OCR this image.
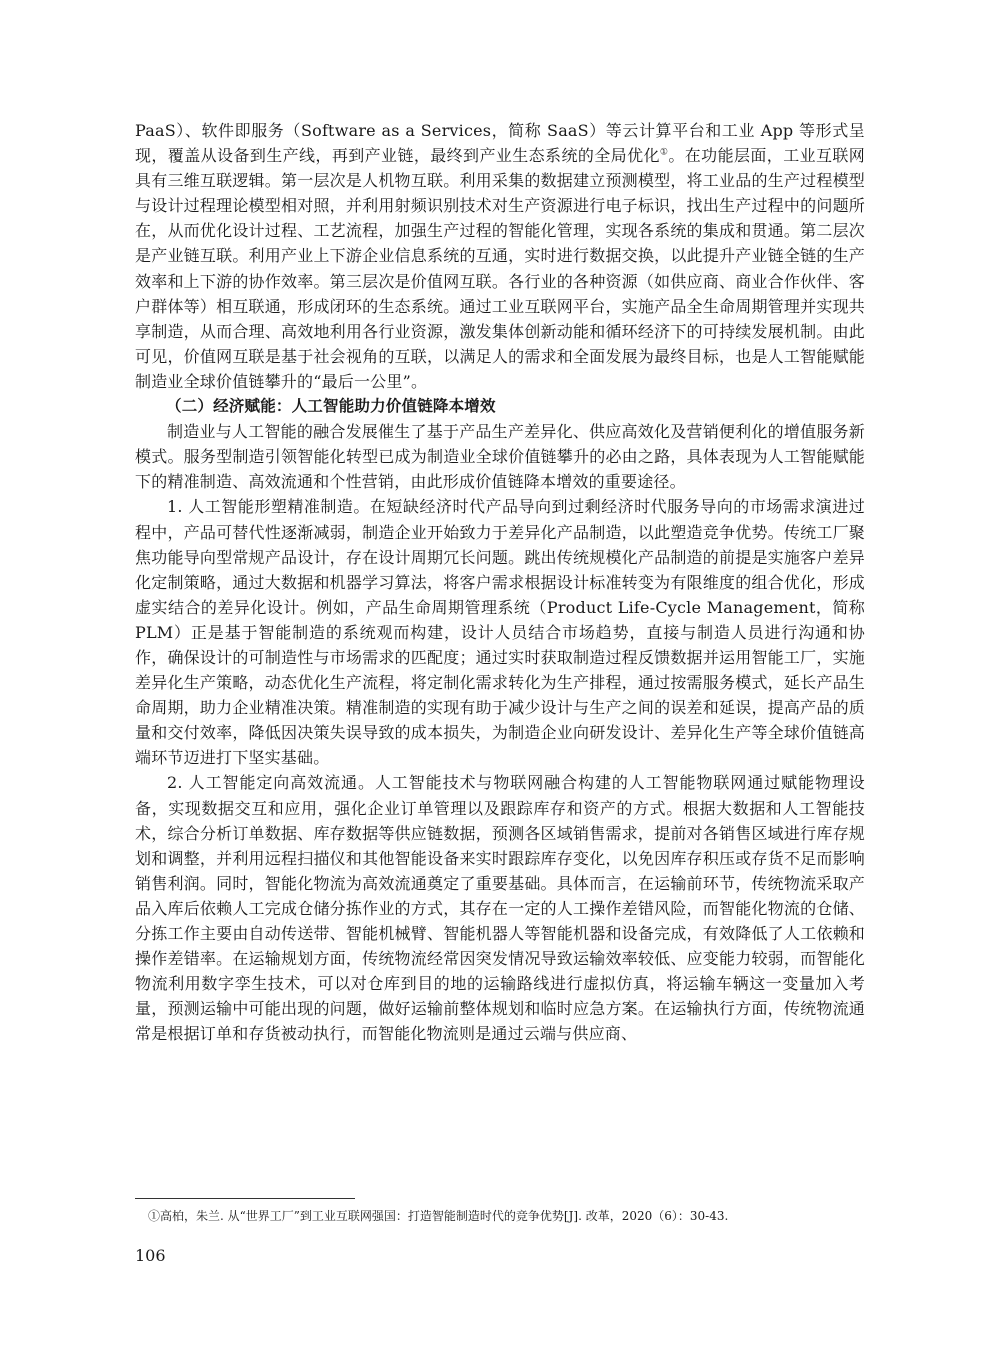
PaaS）、软件即服务（Software as a Services，简称 SaaS）等云计算平台和工业 App 等形式呈现，覆盖从设备到生产线，再到产业链，最终到产业生态系统的全局优化①。在功能层面，工业互联网具有三维互联逻辑。第一层次是人机物互联。利用采集的数据建立预测模型，将工业品的生产过程模型与设计过程理论模型相对照，并利用射频识别技术对生产资源进行电子标识，找出生产过程中的问题所在，从而优化设计过程、工艺流程，加强生产过程的智能化管理，实现各系统的集成和贯通。第二层次是产业链互联。利用产业上下游企业信息系统的互通，实时进行数据交换，以此提升产业链全链的生产效率和上下游的协作效率。第三层次是价值网互联。各行业的各种资源（如供应商、商业合作伙伴、客户群体等）相互联通，形成闭环的生态系统。通过工业互联网平台，实施产品全生命周期管理并实现共享制造，从而合理、高效地利用各行业资源，激发集体创新动能和循环经济下的可持续发展机制。由此可见，价值网互联是基于社会视角的互联，以满足人的需求和全面发展为最终目标，也是人工智能赋能制造业全球价值链攀升的“最后一公里”。

（二）经济赋能：人工智能助力价值链降本增效

制造业与人工智能的融合发展催生了基于产品生产差异化、供应高效化及营销便利化的增值服务新模式。服务型制造引领智能化转型已成为制造业全球价值链攀升的必由之路，具体表现为人工智能赋能下的精准制造、高效流通和个性营销，由此形成价值链降本增效的重要途径。

1. 人工智能形塑精准制造。在短缺经济时代产品导向到过剩经济时代服务导向的市场需求演进过程中，产品可替代性逐渐减弱，制造企业开始致力于差异化产品制造，以此塑造竞争优势。传统工厂聚焦功能导向型常规产品设计，存在设计周期冗长问题。跳出传统规模化产品制造的前提是实施客户差异化定制策略，通过大数据和机器学习算法，将客户需求根据设计标准转变为有限维度的组合优化，形成虚实结合的差异化设计。例如，产品生命周期管理系统（Product Life-Cycle Management，简称 PLM）正是基于智能制造的系统观而构建，设计人员结合市场趋势，直接与制造人员进行沟通和协作，确保设计的可制造性与市场需求的匹配度；通过实时获取制造过程反馈数据并运用智能工厂，实施差异化生产策略，动态优化生产流程，将定制化需求转化为生产排程，通过按需服务模式，延长产品生命周期，助力企业精准决策。精准制造的实现有助于减少设计与生产之间的误差和延误，提高产品的质量和交付效率，降低因决策失误导致的成本损失，为制造企业向研发设计、差异化生产等全球价值链高端环节迈进打下坚实基础。

2. 人工智能定向高效流通。人工智能技术与物联网融合构建的人工智能物联网通过赋能物理设备，实现数据交互和应用，强化企业订单管理以及跟踪库存和资产的方式。根据大数据和人工智能技术，综合分析订单数据、库存数据等供应链数据，预测各区域销售需求，提前对各销售区域进行库存规划和调整，并利用远程扫描仪和其他智能设备来实时跟踪库存变化，以免因库存积压或存货不足而影响销售利润。同时，智能化物流为高效流通奠定了重要基础。具体而言，在运输前环节，传统物流采取产品入库后依赖人工完成仓储分拣作业的方式，其存在一定的人工操作差错风险，而智能化物流的仓储、分拣工作主要由自动传送带、智能机械臂、智能机器人等智能机器和设备完成，有效降低了人工依赖和操作差错率。在运输规划方面，传统物流经常因突发情况导致运输效率较低、应变能力较弱，而智能化物流利用数字孪生技术，可以对仓库到目的地的运输路线进行虚拟仿真，将运输车辆这一变量加入考量，预测运输中可能出现的问题，做好运输前整体规划和临时应急方案。在运输执行方面，传统物流通常是根据订单和存货被动执行，而智能化物流则是通过云端与供应商、

①高柏，朱兰. 从“世界工厂”到工业互联网强国：打造智能制造时代的竞争优势[J]. 改革，2020（6）：30-43.
106
